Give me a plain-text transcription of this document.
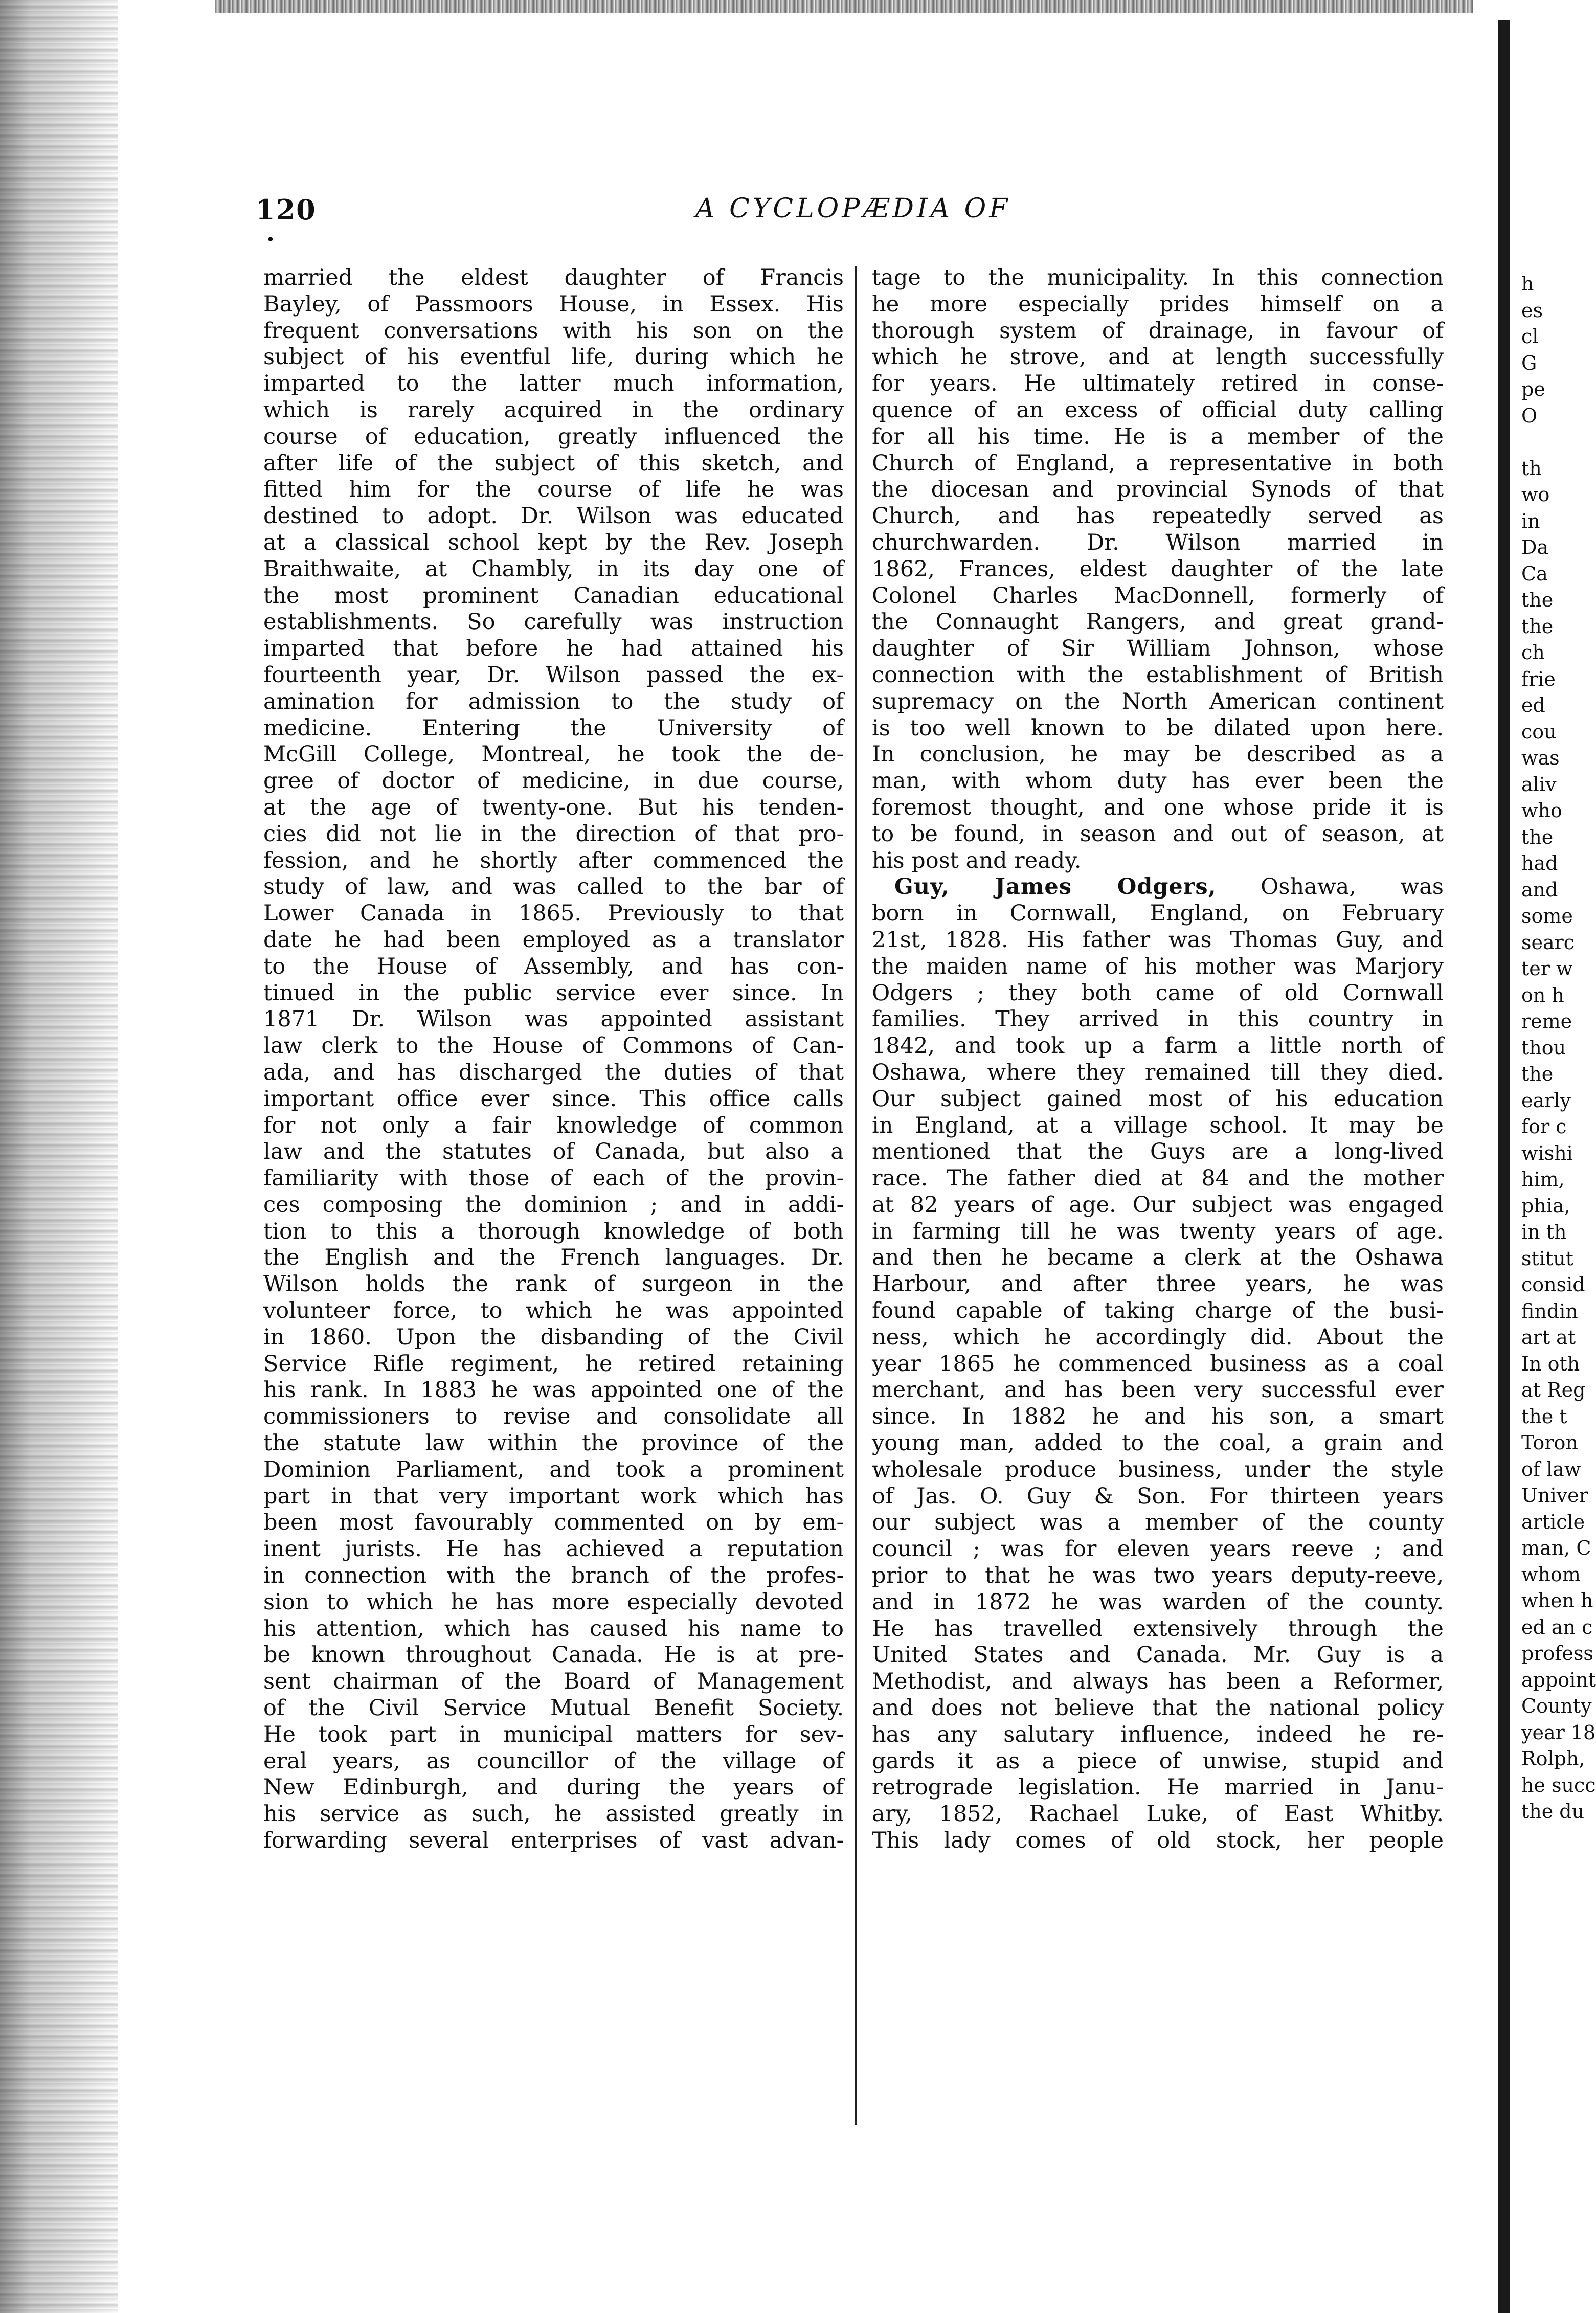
120	A CYCLOPÆDIA OF
•
married the eldest daughter of Francis
Bayley, of Passmoors House, in Essex. His
frequent conversations with his son on the
subject of his eventful life, during which he
imparted to the latter much information,
which is rarely acquired in the ordinary
course of education, greatly influenced the
after life of the subject of this sketch, and
fitted him for the course of life he was
destined to adopt. Dr. Wilson was educated
at a classical school kept by the Rev. Joseph
Braithwaite, at Chambly, in its day one of
the most prominent Canadian educational
establishments. So carefully was instruction
imparted that before he had attained his
fourteenth year, Dr. Wilson passed the ex-
amination for admission to the study of
medicine. Entering the University of
McGill College, Montreal, he took the de-
gree of doctor of medicine, in due course,
at the age of twenty-one. But his tenden-
cies did not lie in the direction of that pro-
fession, and he shortly after commenced the
study of law, and was called to the bar of
Lower Canada in 1865. Previously to that
date he had been employed as a translator
to the House of Assembly, and has con-
tinued in the public service ever since. In
1871 Dr. Wilson was appointed assistant
law clerk to the House of Commons of Can-
ada, and has discharged the duties of that
important office ever since. This office calls
for not only a fair knowledge of common
law and the statutes of Canada, but also a
familiarity with those of each of the provin-
ces composing the dominion ; and in addi-
tion to this a thorough knowledge of both
the English and the French languages. Dr.
Wilson holds the rank of surgeon in the
volunteer force, to which he was appointed
in 1860. Upon the disbanding of the Civil
Service Rifle regiment, he retired retaining
his rank. In 1883 he was appointed one of the
commissioners to revise and consolidate all
the statute law within the province of the
Dominion Parliament, and took a prominent
part in that very important work which has
been most favourably commented on by em-
inent jurists. He has achieved a reputation
in connection with the branch of the profes-
sion to which he has more especially devoted
his attention, which has caused his name to
be known throughout Canada. He is at pre-
sent chairman of the Board of Management
of the Civil Service Mutual Benefit Society.
He took part in municipal matters for sev-
eral years, as councillor of the village of
New Edinburgh, and during the years of
his service as such, he assisted greatly in
forwarding several enterprises of vast advan-
tage to the municipality. In this connection
he more especially prides himself on a
thorough system of drainage, in favour of
which he strove, and at length successfully
for years. He ultimately retired in conse-
quence of an excess of official duty calling
for all his time. He is a member of the
Church of England, a representative in both
the diocesan and provincial Synods of that
Church, and has repeatedly served as
churchwarden. Dr. Wilson married in
1862, Frances, eldest daughter of the late
Colonel Charles MacDonnell, formerly of
the Connaught Rangers, and great grand-
daughter of Sir William Johnson, whose
connection with the establishment of British
supremacy on the North American continent
is too well known to be dilated upon here.
In conclusion, he may be described as a
man, with whom duty has ever been the
foremost thought, and one whose pride it is
to be found, in season and out of season, at
his post and ready.
 Guy, James Odgers, Oshawa, was
born in Cornwall, England, on February
21st, 1828. His father was Thomas Guy, and
the maiden name of his mother was Marjory
Odgers ; they both came of old Cornwall
families. They arrived in this country in
1842, and took up a farm a little north of
Oshawa, where they remained till they died.
Our subject gained most of his education
in England, at a village school. It may be
mentioned that the Guys are a long-lived
race. The father died at 84 and the mother
at 82 years of age. Our subject was engaged
in farming till he was twenty years of age.
and then he became a clerk at the Oshawa
Harbour, and after three years, he was
found capable of taking charge of the busi-
ness, which he accordingly did. About the
year 1865 he commenced business as a coal
merchant, and has been very successful ever
since. In 1882 he and his son, a smart
young man, added to the coal, a grain and
wholesale produce business, under the style
of Jas. O. Guy & Son. For thirteen years
our subject was a member of the county
council ; was for eleven years reeve ; and
prior to that he was two years deputy-reeve,
and in 1872 he was warden of the county.
He has travelled extensively through the
United States and Canada. Mr. Guy is a
Methodist, and always has been a Reformer,
and does not believe that the national policy
has any salutary influence, indeed he re-
gards it as a piece of unwise, stupid and
retrograde legislation. He married in Janu-
ary, 1852, Rachael Luke, of East Whitby.
This lady comes of old stock, her people
h
es
cl
G
pe
O
th
wo
in
Da
Ca
the
the
ch
frie
ed
cou
was
aliv
who
the
had
and
some
searc
ter w
on h
reme
thou
the
early
for c
wishi
him,
phia,
in th
stitut
consid
findin
art at
In oth
at Reg
the t
Toron
of law
Univer
article
man, C
whom
when h
ed an c
profess
appoint
County
year 18
Rolph,
he succ
the du
